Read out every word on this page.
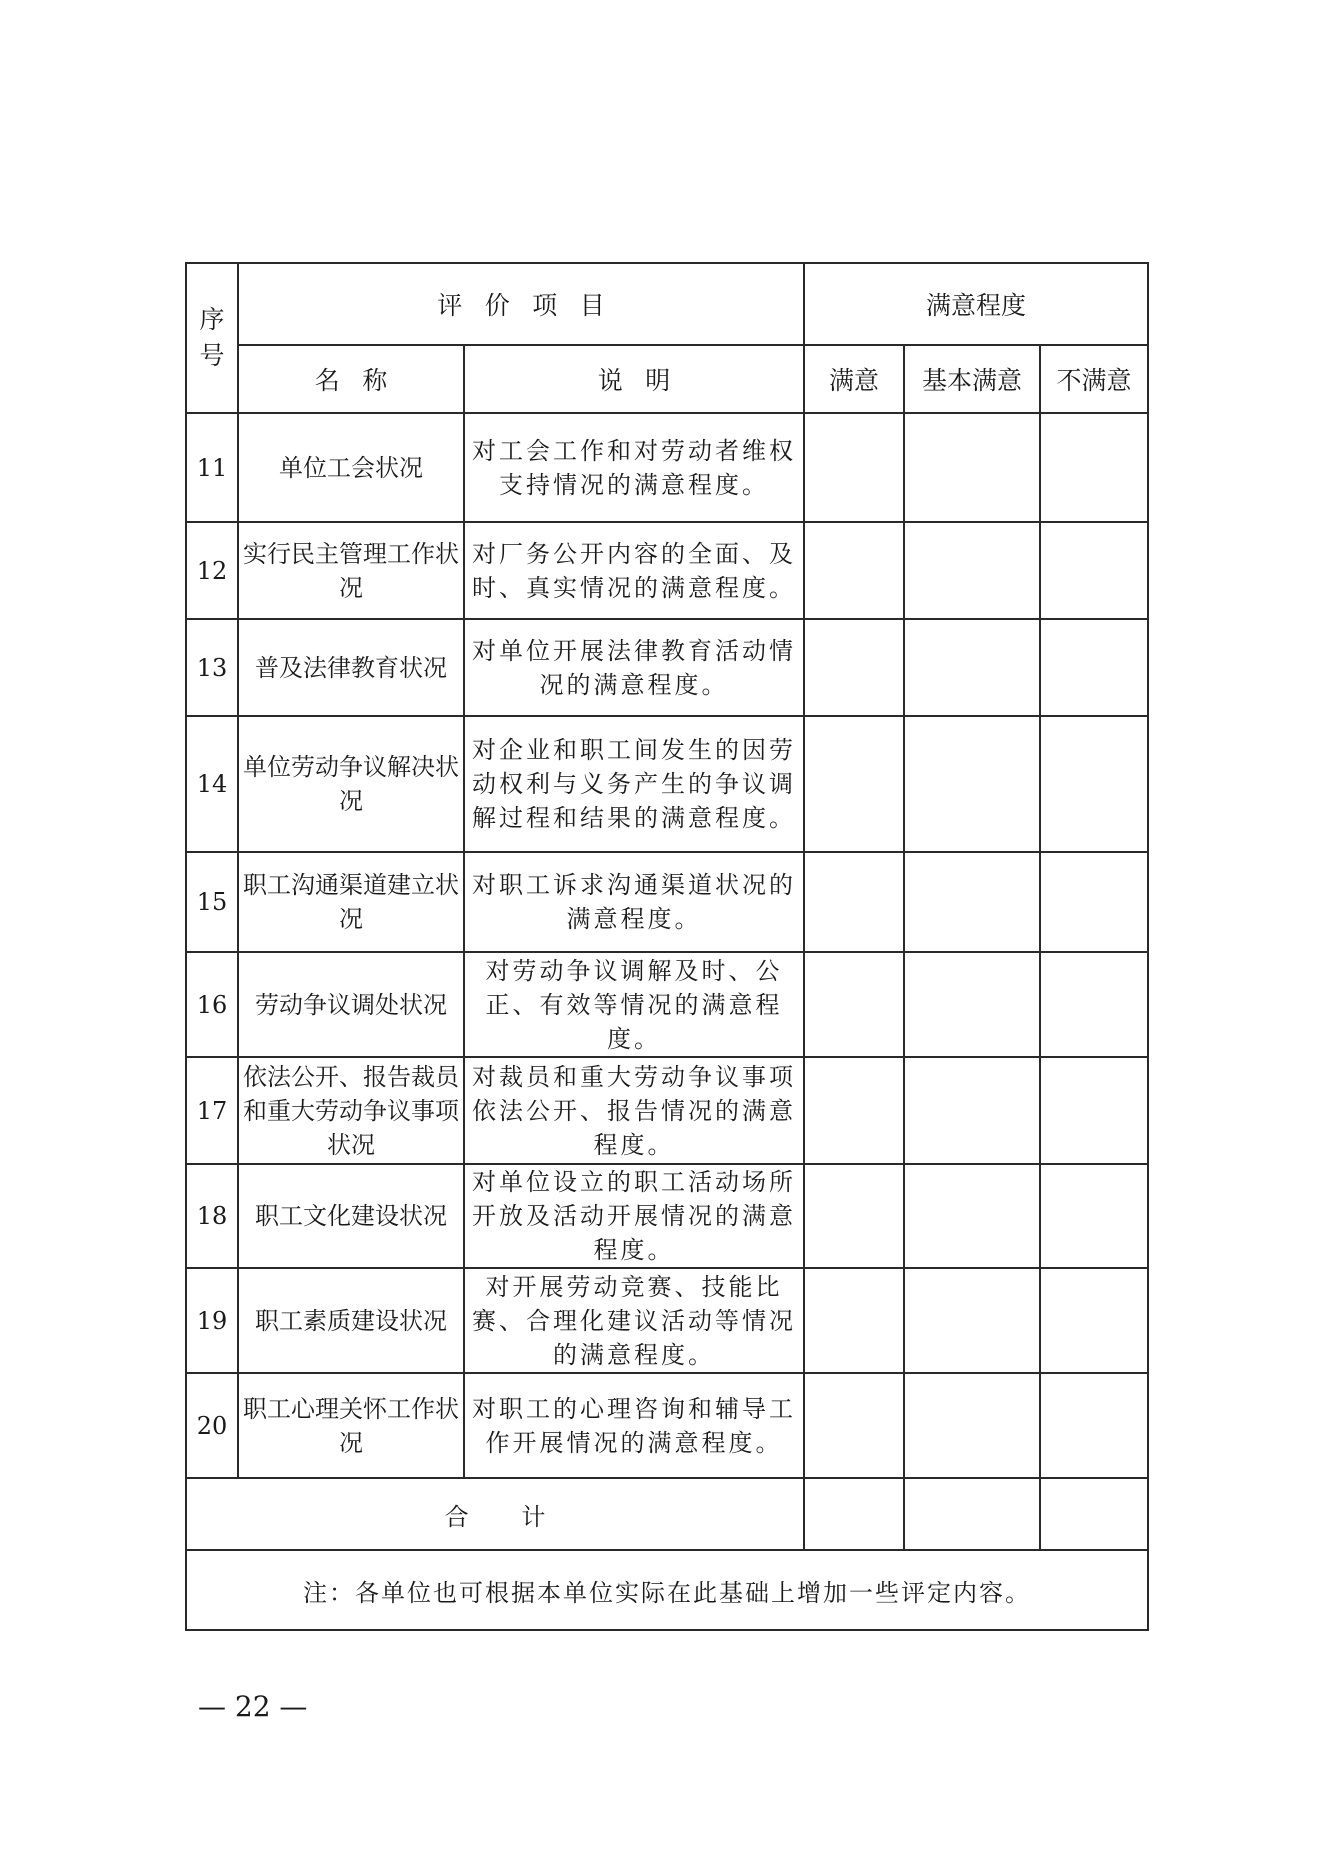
序号	评价项目		满意程度		
	名称	说明	满意	基本满意	不满意
11	单位工会状况	对工会工作和对劳动者维权支持情况的满意程度。			
12	实行民主管理工作状况	对厂务公开内容的全面、及时、真实情况的满意程度。			
13	普及法律教育状况	对单位开展法律教育活动情况的满意程度。			
14	单位劳动争议解决状况	对企业和职工间发生的因劳动权利与义务产生的争议调解过程和结果的满意程度。			
15	职工沟通渠道建立状况	对职工诉求沟通渠道状况的满意程度。			
16	劳动争议调处状况	对劳动争议调解及时、公正、有效等情况的满意程度。			
17	依法公开、报告裁员和重大劳动争议事项状况	对裁员和重大劳动争议事项依法公开、报告情况的满意程度。			
18	职工文化建设状况	对单位设立的职工活动场所开放及活动开展情况的满意程度。			
19	职工素质建设状况	对开展劳动竞赛、技能比赛、合理化建议活动等情况的满意程度。			
20	职工心理关怀工作状况	对职工的心理咨询和辅导工作开展情况的满意程度。			
合计					
注：各单位也可根据本单位实际在此基础上增加一些评定内容。					
— 22 —
